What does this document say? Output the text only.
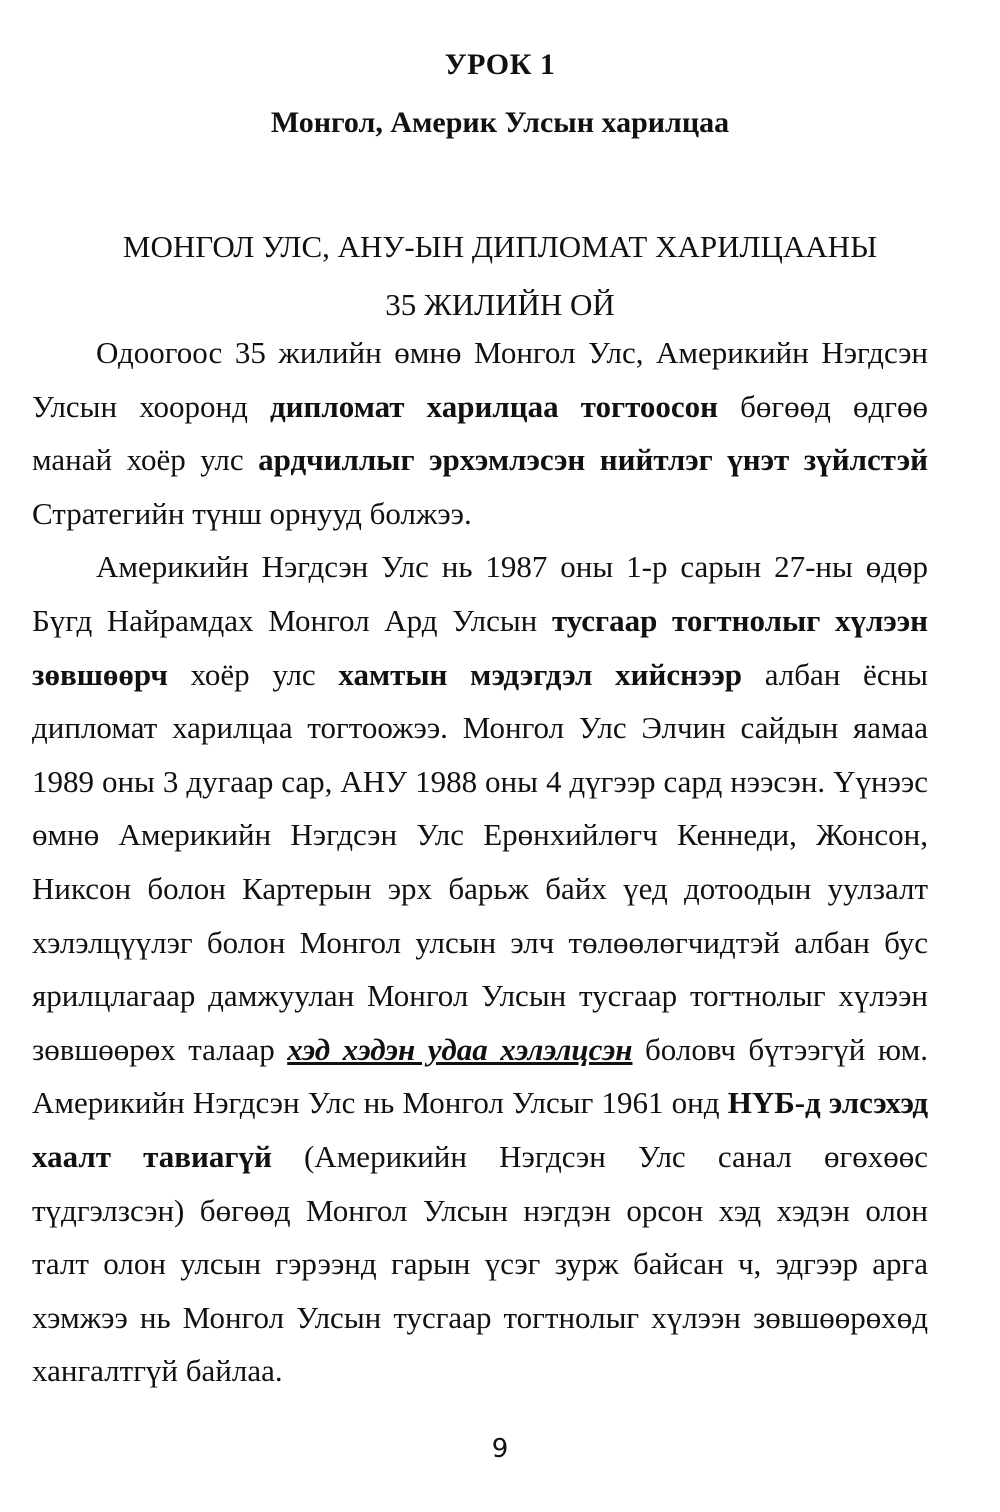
УРОК 1
Монгол, Америк Улсын харилцаа
МОНГОЛ УЛС, АНУ-ЫН ДИПЛОМАТ ХАРИЛЦААНЫ
35 ЖИЛИЙН ОЙ

Одоогоос 35 жилийн өмнө Монгол Улс, Америкийн Нэгдсэн Улсын хооронд дипломат харилцаа тогтоосон бөгөөд өдгөө манай хоёр улс ардчиллыг эрхэмлэсэн нийтлэг үнэт зүйлстэй Стратегийн түнш орнууд болжээ.

Америкийн Нэгдсэн Улс нь 1987 оны 1-р сарын 27-ны өдөр Бүгд Найрамдах Монгол Ард Улсын тусгаар тогтнолыг хүлээн зөвшөөрч хоёр улс хамтын мэдэгдэл хийснээр албан ёсны дипломат харилцаа тогтоожээ. Монгол Улс Элчин сайдын яамаа 1989 оны 3 дугаар сар, АНУ 1988 оны 4 дүгээр сард нээсэн. Үүнээс өмнө Америкийн Нэгдсэн Улс Ерөнхийлөгч Кеннеди, Жонсон, Никсон болон Картерын эрх барьж байх үед дотоодын уулзалт хэлэлцүүлэг болон Монгол улсын элч төлөөлөгчидтэй албан бус ярилцлагаар дамжуулан Монгол Улсын тусгаар тогтнолыг хүлээн зөвшөөрөх талаар хэд хэдэн удаа хэлэлцсэн боловч бүтээгүй юм. Америкийн Нэгдсэн Улс нь Монгол Улсыг 1961 онд НҮБ-д элсэхэд хаалт тавиагүй (Америкийн Нэгдсэн Улс санал өгөхөөс түдгэлзсэн) бөгөөд Монгол Улсын нэгдэн орсон хэд хэдэн олон талт олон улсын гэрээнд гарын үсэг зурж байсан ч, эдгээр арга хэмжээ нь Монгол Улсын тусгаар тогтнолыг хүлээн зөвшөөрөхөд хангалтгүй байлаа.

9
